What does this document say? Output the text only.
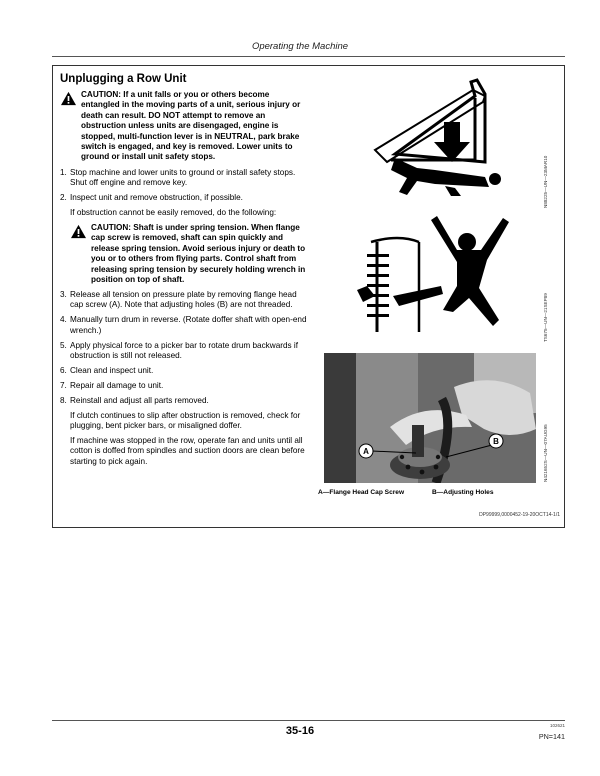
Operating the Machine
Unplugging a Row Unit
CAUTION: If a unit falls or you or others become entangled in the moving parts of a unit, serious injury or death can result. DO NOT attempt to remove an obstruction unless units are disengaged, engine is stopped, multi-function lever is in NEUTRAL, park brake switch is engaged, and key is removed. Lower units to ground or install unit safety stops.
1. Stop machine and lower units to ground or install safety stops. Shut off engine and remove key.
2. Inspect unit and remove obstruction, if possible.
If obstruction cannot be easily removed, do the following:
CAUTION: Shaft is under spring tension. When flange cap screw is removed, shaft can spin quickly and release spring tension. Avoid serious injury or death to you or to others from flying parts. Control shaft from releasing spring tension by securely holding wrench in position on top of shaft.
3. Release all tension on pressure plate by removing flange head cap screw (A). Note that adjusting holes (B) are not threaded.
4. Manually turn drum in reverse. (Rotate doffer shaft with open-end wrench.)
5. Apply physical force to a picker bar to rotate drum backwards if obstruction is still not released.
6. Clean and inspect unit.
7. Repair all damage to unit.
8. Reinstall and adjust all parts removed.
If clutch continues to slip after obstruction is removed, check for plugging, bent picker bars, or misaligned doffer.
If machine was stopped in the row, operate fan and units until all cotton is doffed from spindles and suction doors are clean before starting to pick again.
N88225—UN—23MAR10
TS675—UN—21SEP89
A
B	N421652S—UN—07AUG95
A—Flange Head Cap Screw	B—Adjusting Holes
DP99999,0000452-19-20OCT14-1/1
35-16	102621
PN=141
